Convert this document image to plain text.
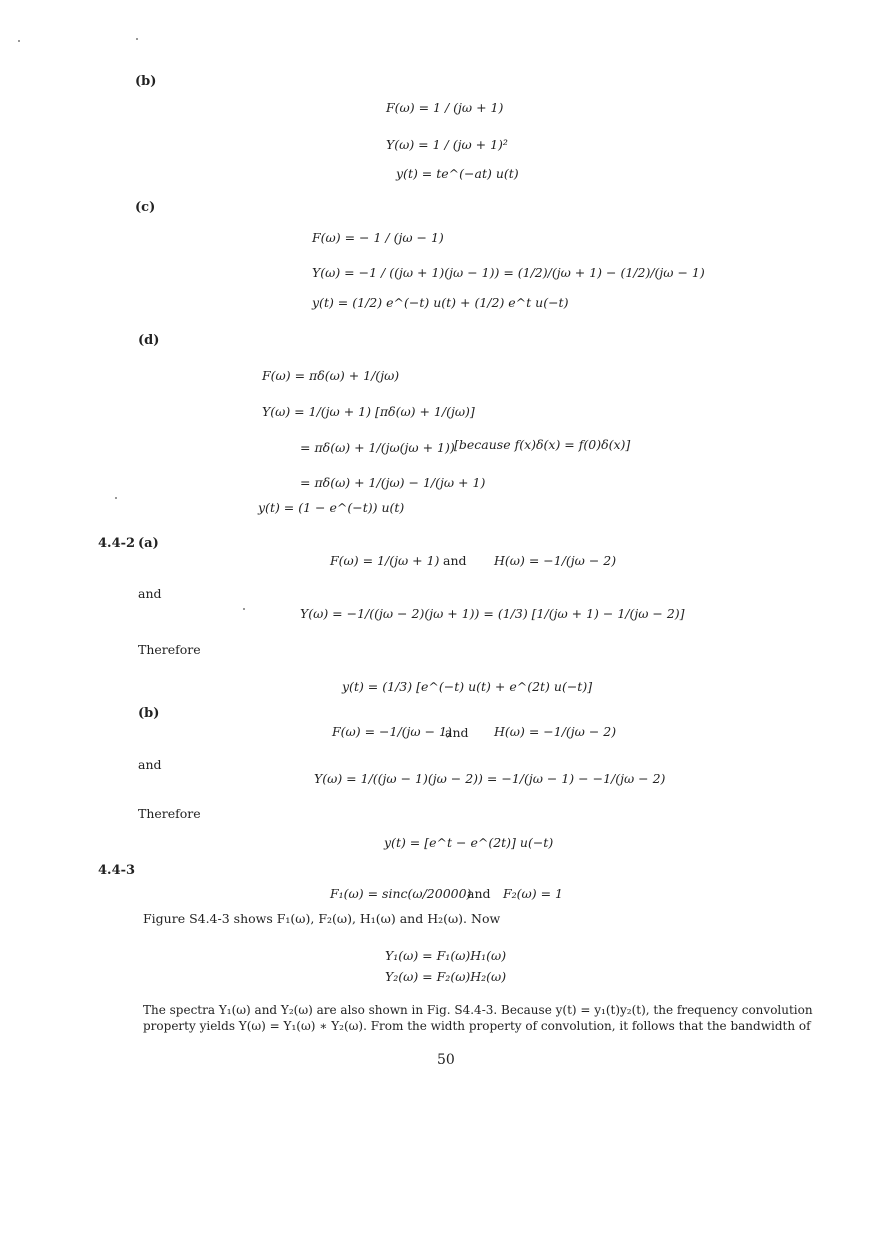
(b)
F(ω) = 1 / (jω + 1)
Y(ω) = 1 / (jω + 1)²
y(t) = te^(−at) u(t)
(c)
F(ω) = − 1 / (jω − 1)
Y(ω) = −1 / ((jω + 1)(jω − 1)) = (1/2)/(jω + 1) − (1/2)/(jω − 1)
y(t) = (1/2) e^(−t) u(t) + (1/2) e^t u(−t)
(d)
F(ω) = πδ(ω) + 1/(jω)
Y(ω) = 1/(jω + 1) [πδ(ω) + 1/(jω)]
= πδ(ω) + 1/(jω(jω + 1)) [because f(x)δ(x) = f(0)δ(x)]
= πδ(ω) + 1/(jω) − 1/(jω + 1)
y(t) = (1 − e^(−t)) u(t)
4.4-2 (a)
F(ω) = 1/(jω + 1) and H(ω) = −1/(jω − 2)
and
Y(ω) = −1/((jω − 2)(jω + 1)) = (1/3) [1/(jω + 1) − 1/(jω − 2)]
Therefore
y(t) = (1/3) [e^(−t) u(t) + e^(2t) u(−t)]
(b)
F(ω) = −1/(jω − 1)
and H(ω) = −1/(jω − 2)
and
Y(ω) = 1/((jω − 1)(jω − 2)) = −1/(jω − 1) − −1/(jω − 2)
Therefore
y(t) = [e^t − e^(2t)] u(−t)
4.4-3
F₁(ω) = sinc(ω/20000)
and F₂(ω) = 1
Figure S4.4-3 shows F₁(ω), F₂(ω), H₁(ω) and H₂(ω). Now
Y₁(ω) = F₁(ω)H₁(ω)
Y₂(ω) = F₂(ω)H₂(ω)
The spectra Y₁(ω) and Y₂(ω) are also shown in Fig. S4.4-3. Because y(t) = y₁(t)y₂(t), the frequency convolution
property yields Y(ω) = Y₁(ω) ∗ Y₂(ω). From the width property of convolution, it follows that the bandwidth of
50
